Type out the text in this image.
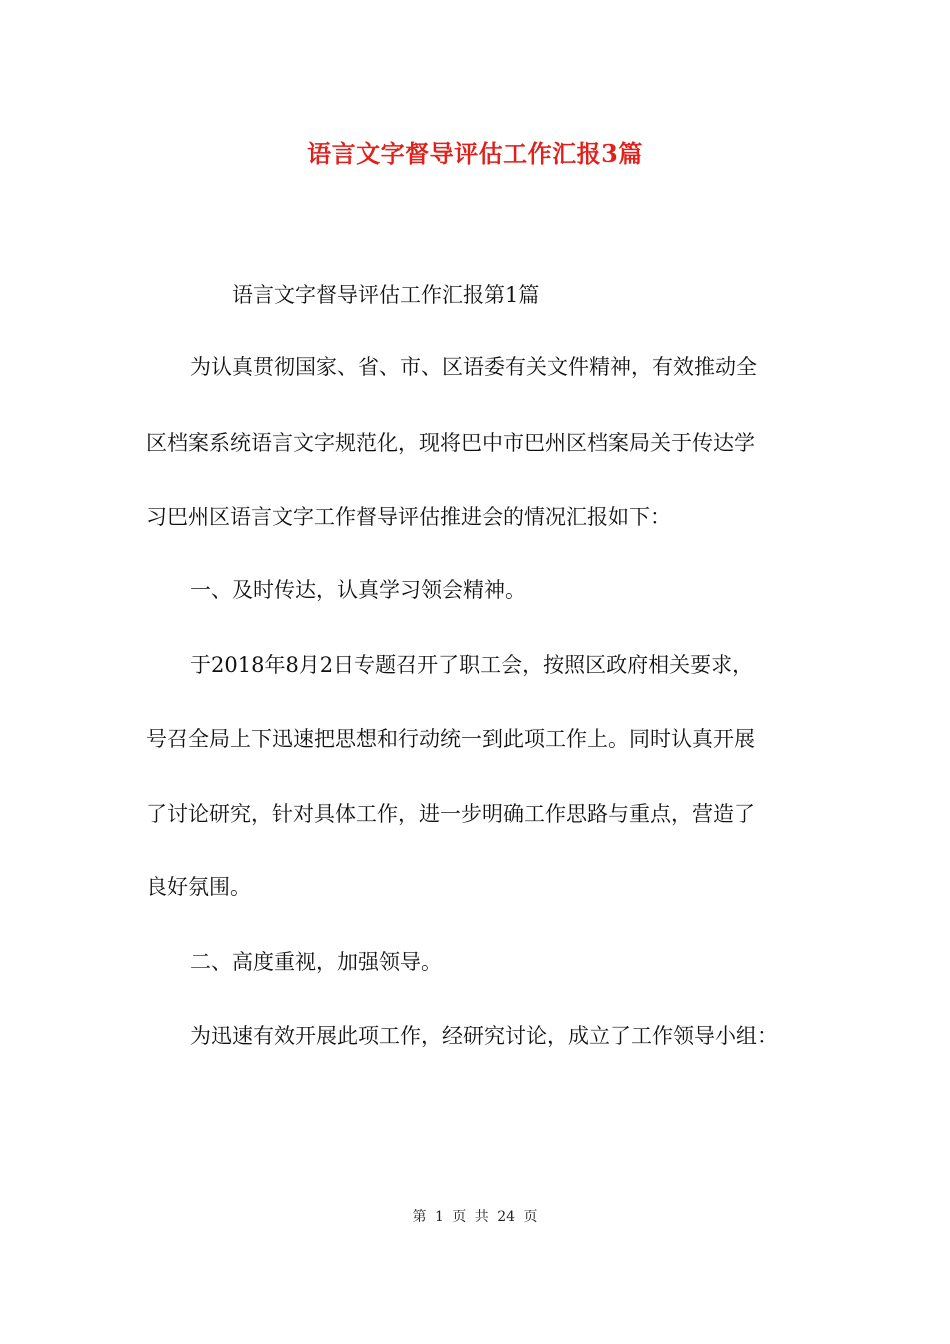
语言文字督导评估工作汇报3篇
语言文字督导评估工作汇报第1篇
为认真贯彻国家、省、市、区语委有关文件精神，有效推动全
区档案系统语言文字规范化，现将巴中市巴州区档案局关于传达学
习巴州区语言文字工作督导评估推进会的情况汇报如下：
一、及时传达，认真学习领会精神。
于2018年8月2日专题召开了职工会，按照区政府相关要求，
号召全局上下迅速把思想和行动统一到此项工作上。同时认真开展
了讨论研究，针对具体工作，进一步明确工作思路与重点，营造了
良好氛围。
二、高度重视，加强领导。
为迅速有效开展此项工作，经研究讨论，成立了工作领导小组：
第 1 页 共 24 页
